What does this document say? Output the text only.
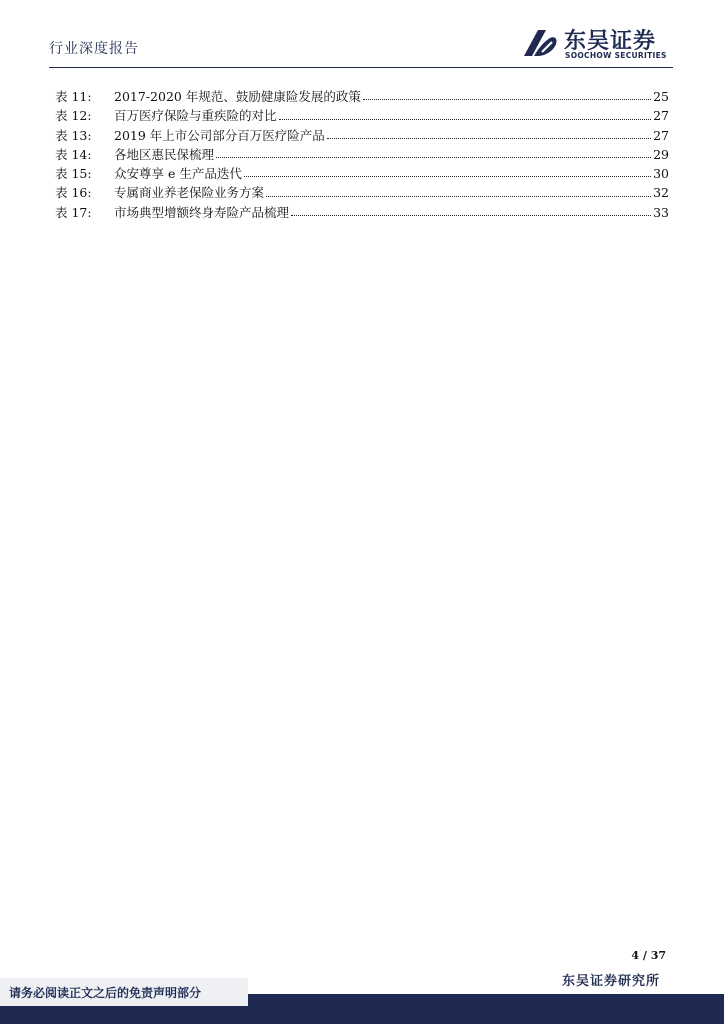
行业深度报告	东吴证券
SOOCHOW SECURITIES
表 11:	2017-2020 年规范、鼓励健康险发展的政策	25
表 12:	百万医疗保险与重疾险的对比	27
表 13:	2019 年上市公司部分百万医疗险产品	27
表 14:	各地区惠民保梳理	29
表 15:	众安尊享 e 生产品迭代	30
表 16:	专属商业养老保险业务方案	32
表 17:	市场典型增额终身寿险产品梳理	33
4 / 37
东吴证券研究所
请务必阅读正文之后的免责声明部分
